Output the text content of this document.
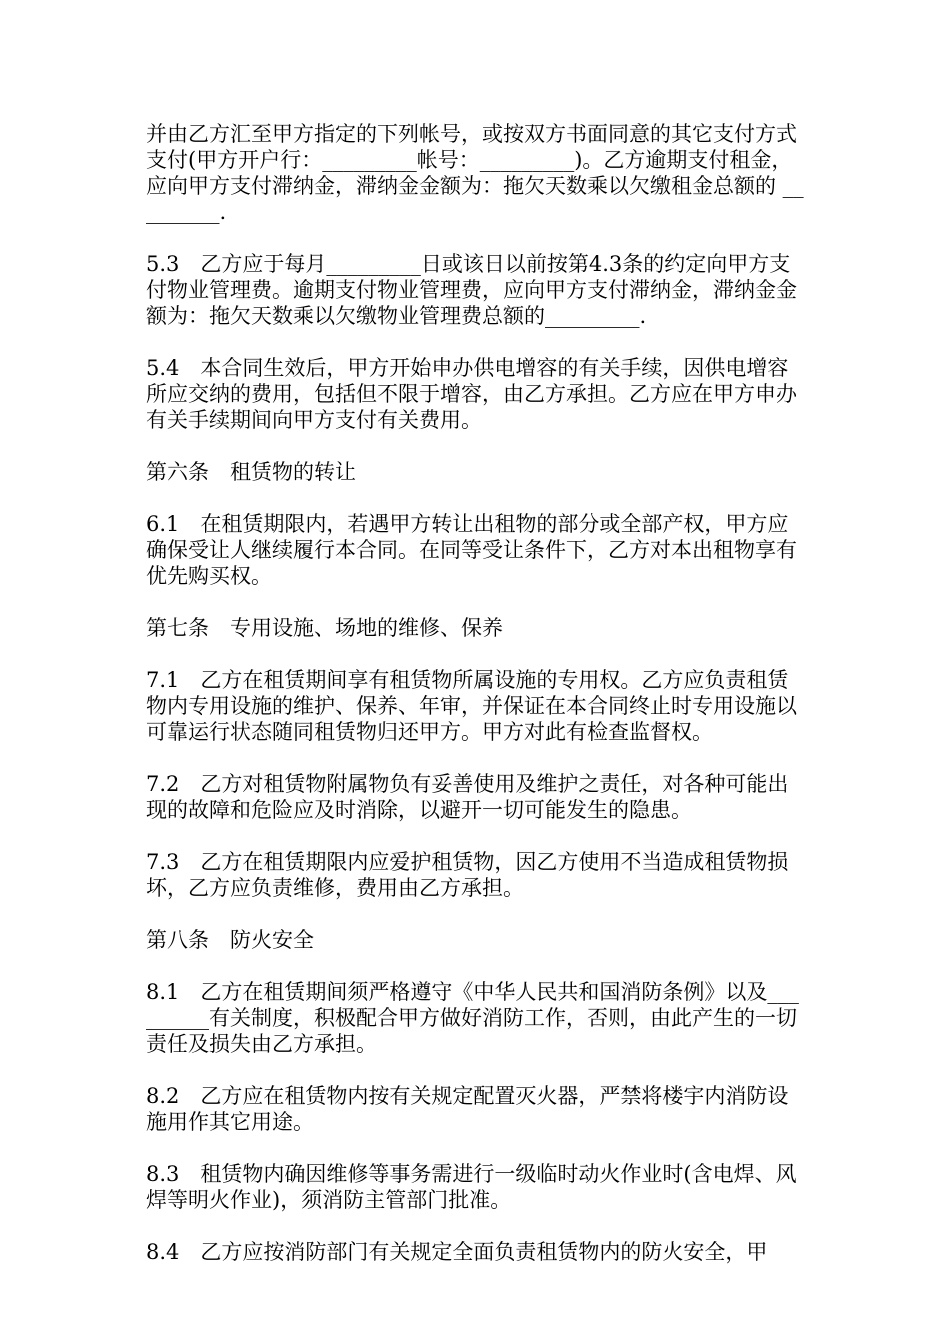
并由乙方汇至甲方指定的下列帐号，或按双方书面同意的其它支付方式支付(甲方开户行：_________帐号：_________)。乙方逾期支付租金，应向甲方支付滞纳金，滞纳金金额为：拖欠天数乘以欠缴租金总额的 _________.

5.3　乙方应于每月_________日或该日以前按第4.3条的约定向甲方支付物业管理费。逾期支付物业管理费，应向甲方支付滞纳金，滞纳金金额为：拖欠天数乘以欠缴物业管理费总额的_________.

5.4　本合同生效后，甲方开始申办供电增容的有关手续，因供电增容所应交纳的费用，包括但不限于增容，由乙方承担。乙方应在甲方申办有关手续期间向甲方支付有关费用。

第六条　租赁物的转让

6.1　在租赁期限内，若遇甲方转让出租物的部分或全部产权，甲方应确保受让人继续履行本合同。在同等受让条件下，乙方对本出租物享有优先购买权。

第七条　专用设施、场地的维修、保养

7.1　乙方在租赁期间享有租赁物所属设施的专用权。乙方应负责租赁物内专用设施的维护、保养、年审，并保证在本合同终止时专用设施以可靠运行状态随同租赁物归还甲方。甲方对此有检查监督权。

7.2　乙方对租赁物附属物负有妥善使用及维护之责任，对各种可能出现的故障和危险应及时消除，以避开一切可能发生的隐患。

7.3　乙方在租赁期限内应爱护租赁物，因乙方使用不当造成租赁物损坏，乙方应负责维修，费用由乙方承担。

第八条　防火安全

8.1　乙方在租赁期间须严格遵守《中华人民共和国消防条例》以及_________有关制度，积极配合甲方做好消防工作，否则，由此产生的一切责任及损失由乙方承担。

8.2　乙方应在租赁物内按有关规定配置灭火器，严禁将楼宇内消防设施用作其它用途。

8.3　租赁物内确因维修等事务需进行一级临时动火作业时(含电焊、风焊等明火作业)，须消防主管部门批准。

8.4　乙方应按消防部门有关规定全面负责租赁物内的防火安全，甲
